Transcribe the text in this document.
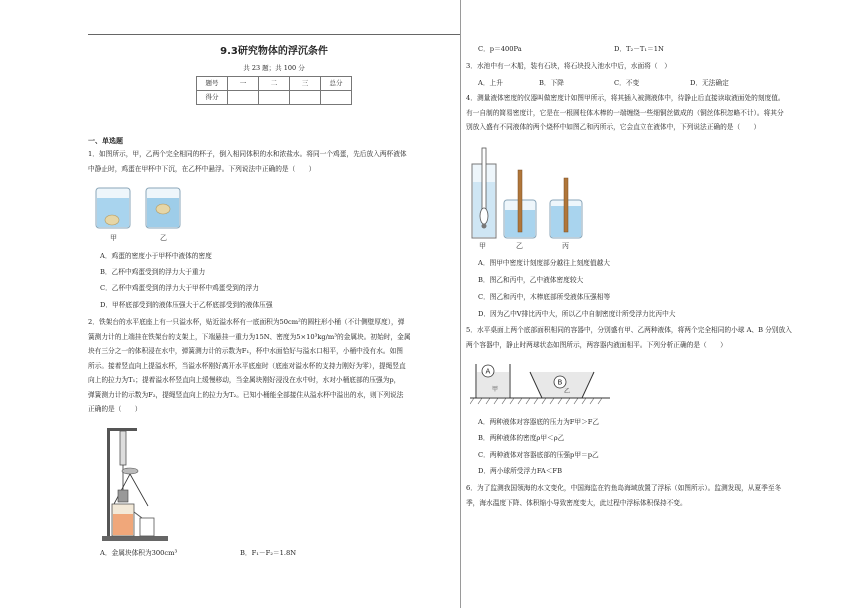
9.3研究物体的浮沉条件
共 23 题；共 100 分
题号	一	二	三	总分
得分				
一、单选题
1．如图所示，甲，乙两个完全相同的杯子，倒入相同体积的水和浓盐水。将同一个鸡蛋，先后放入两杯液体
中静止时，鸡蛋在甲杯中下沉，在乙杯中悬浮。下列说法中正确的是（　　）
甲	乙
A．鸡蛋的密度小于甲杯中液体的密度
B．乙杯中鸡蛋受到的浮力大于重力
C．乙杯中鸡蛋受到的浮力大于甲杯中鸡蛋受到的浮力
D．甲杯底部受到的液体压强大于乙杯底部受到的液体压强
2．铁架台的水平底座上有一只溢水杯，贴近溢水杯有一底面积为50cm²的圆柱形小桶（不计侧壁厚度），弹
簧测力计的上端挂在铁架台的支架上，下端悬挂一重力为15N、密度为5×10³kg/m³的金属块。初始时，金属
块有三分之一的体积浸在水中，弹簧测力计的示数为F₁，杯中水面恰好与溢水口相平，小桶中没有水。如图
所示。接着竖直向上提溢水杯，当溢水杯刚好离开水平底座时（底座对溢水杯的支持力刚好为零），提绳竖直
向上的拉力为T₁；提着溢水杯竖直向上缓慢移动，当金属块刚好浸没在水中时，水对小桶底部的压强为p，
弹簧测力计的示数为F₂，提绳竖直向上的拉力为T₂。已知小桶能全部接住从溢水杯中溢出的水，则下列说法
正确的是（　　）
A．金属块体积为300cm³	B．F₁－F₂＝1.8N
C．p＝400Pa	D．T₂－T₁＝1N
3．水池中有一木船，装有石块，将石块投入池水中后，水面将（　）
A．上升	B．下降	C．不变	D．无法确定
4．测量液体密度的仪器叫做密度计如图甲所示，将其插入被测液体中，待静止后直接读取液面处的刻度值。
有一自制的简易密度计，它是在一根圆柱体木棒的一端缠绕一些细铜丝做成的（铜丝体积忽略不计）。将其分
别放入盛有不同液体的两个烧杯中如图乙和丙所示，它会直立在液体中，下列说法正确的是（　　）
甲	乙	丙
A．图甲中密度计刻度部分越往上刻度值越大
B．图乙和丙中，乙中液体密度较大
C．图乙和丙中，木棒底部所受液体压强相等
D．因为乙中V排比丙中大，所以乙中自制密度计所受浮力比丙中大
5．水平桌面上两个底部面积相同的容器中，分别盛有甲、乙两种液体，将两个完全相同的小球 A、B 分别放入
两个容器中，静止时两球状态如图所示，两容器内液面相平。下列分析正确的是（　　）
A
B
甲	乙
A．两种液体对容器底的压力为F甲＞F乙
B．两种液体的密度ρ甲＜ρ乙
C．两种液体对容器底部的压强p甲＝p乙
D．两小球所受浮力FA＜FB
6．为了监测我国领海的水文变化，中国海监在钓鱼岛海域放置了浮标（如图所示）。监测发现，从夏季至冬
季，海水温度下降、体积缩小导致密度变大，此过程中浮标体积保持不变。
